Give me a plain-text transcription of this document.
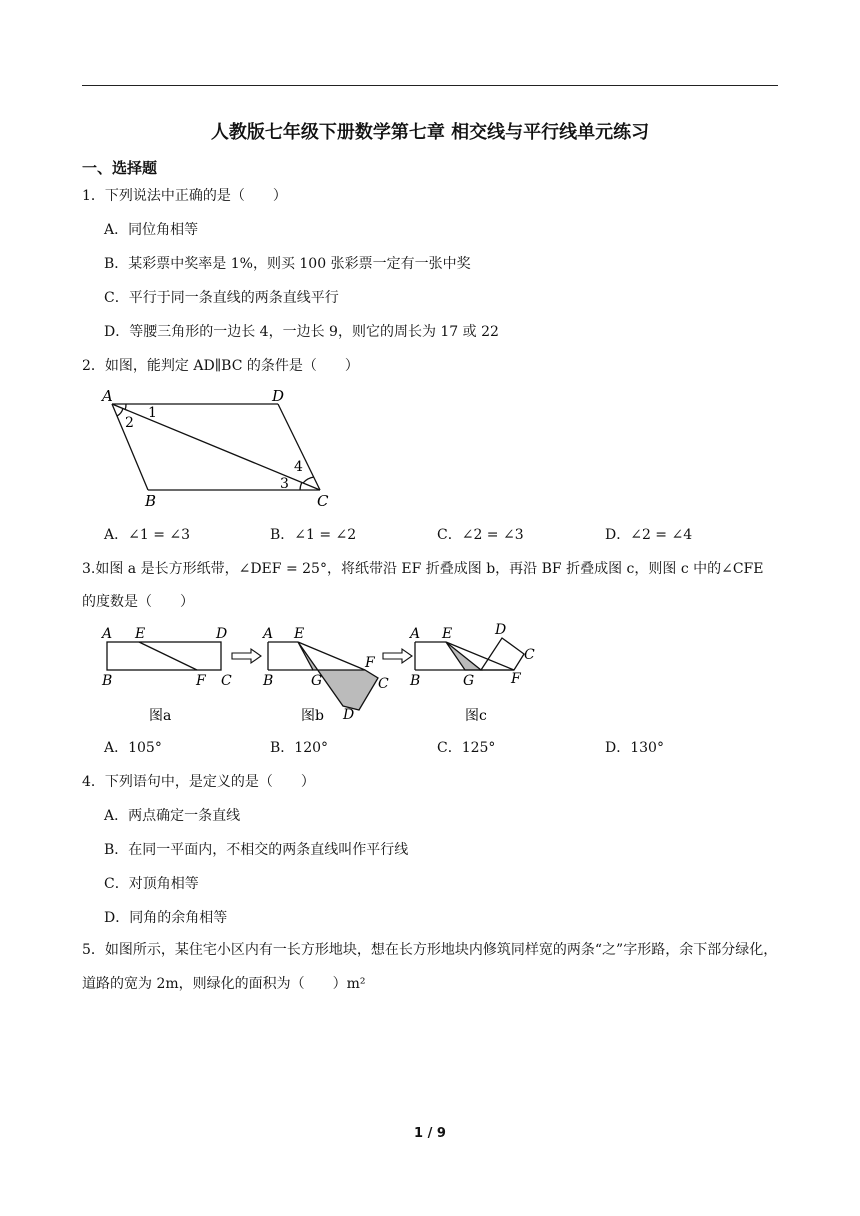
人教版七年级下册数学第七章 相交线与平行线单元练习
一、选择题
1．下列说法中正确的是（　　）
A．同位角相等
B．某彩票中奖率是 1%，则买 100 张彩票一定有一张中奖
C．平行于同一条直线的两条直线平行
D．等腰三角形的一边长 4，一边长 9，则它的周长为 17 或 22
2．如图，能判定 AD∥BC 的条件是（　　）
A	D
B	C
1
2
3
4
A．∠1 = ∠3	B．∠1 = ∠2	C．∠2 = ∠3	D．∠2 = ∠4
3.如图 a 是长方形纸带，∠DEF = 25°，将纸带沿 EF 折叠成图 b，再沿 BF 折叠成图 c，则图 c 中的∠CFE
的度数是（　　）
A E	D
B	F C
图a
A E
B	G
F
C
D
图b
A E	D
C
B	G	F
图c
A．105°	B．120°	C．125°	D．130°
4．下列语句中，是定义的是（　　）
A．两点确定一条直线
B．在同一平面内，不相交的两条直线叫作平行线
C．对顶角相等
D．同角的余角相等
5．如图所示，某住宅小区内有一长方形地块，想在长方形地块内修筑同样宽的两条“之”字形路，余下部分绿化，道路的宽为 2m，则绿化的面积为（　　）m²
1 / 9
